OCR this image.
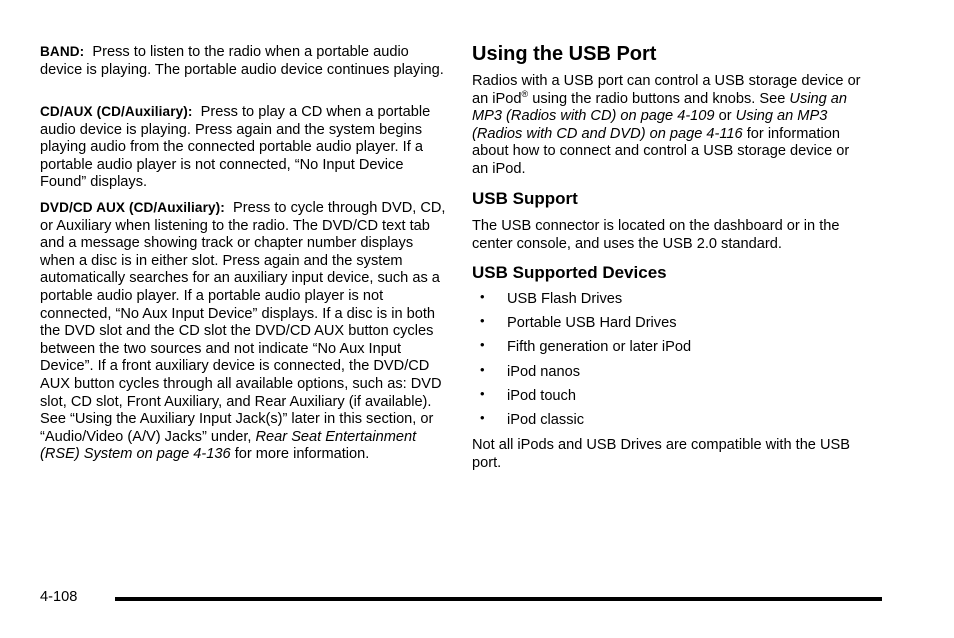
BAND: Press to listen to the radio when a portable audio device is playing. The portable audio device continues playing.

CD/AUX (CD/Auxiliary): Press to play a CD when a portable audio device is playing. Press again and the system begins playing audio from the connected portable audio player. If a portable audio player is not connected, “No Input Device Found” displays.

DVD/CD AUX (CD/Auxiliary): Press to cycle through DVD, CD, or Auxiliary when listening to the radio. The DVD/CD text tab and a message showing track or chapter number displays when a disc is in either slot. Press again and the system automatically searches for an auxiliary input device, such as a portable audio player. If a portable audio player is not connected, “No Aux Input Device” displays. If a disc is in both the DVD slot and the CD slot the DVD/CD AUX button cycles between the two sources and not indicate “No Aux Input Device”. If a front auxiliary device is connected, the DVD/CD AUX button cycles through all available options, such as: DVD slot, CD slot, Front Auxiliary, and Rear Auxiliary (if available). See “Using the Auxiliary Input Jack(s)” later in this section, or “Audio/Video (A/V) Jacks” under, Rear Seat Entertainment (RSE) System on page 4-136 for more information.

Using the USB Port

Radios with a USB port can control a USB storage device or an iPod® using the radio buttons and knobs. See Using an MP3 (Radios with CD) on page 4-109 or Using an MP3 (Radios with CD and DVD) on page 4-116 for information about how to connect and control a USB storage device or an iPod.

USB Support

The USB connector is located on the dashboard or in the center console, and uses the USB 2.0 standard.

USB Supported Devices
• USB Flash Drives
• Portable USB Hard Drives
• Fifth generation or later iPod
• iPod nanos
• iPod touch
• iPod classic

Not all iPods and USB Drives are compatible with the USB port.

4-108
